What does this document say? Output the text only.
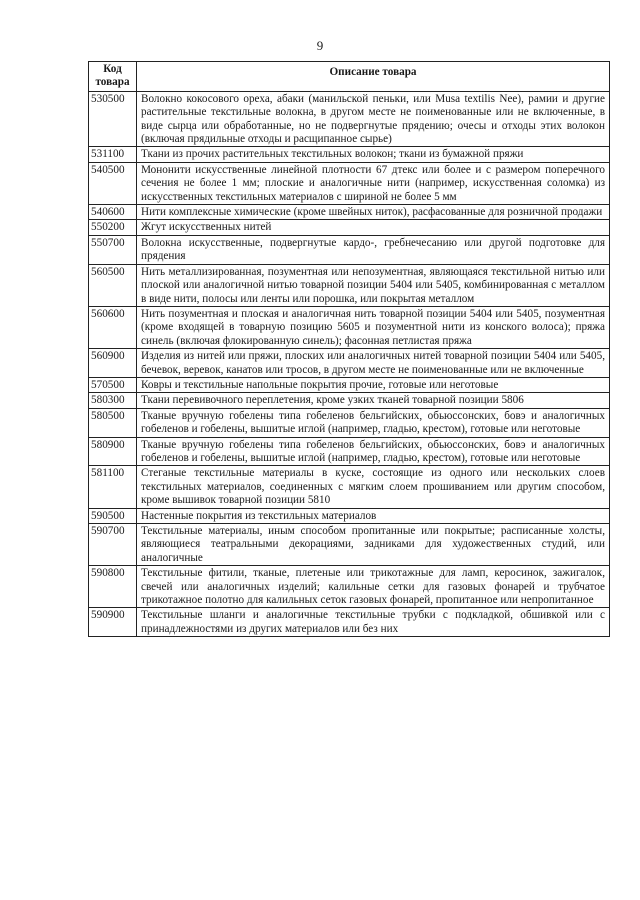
9
Код товара	Описание товара
530500	Волокно кокосового ореха, абаки (манильской пеньки, или Musa textilis Nee), рамии и другие растительные текстильные волокна, в другом месте не поименованные или не включенные, в виде сырца или обработанные, но не подвергнутые прядению; очесы и отходы этих волокон (включая прядильные отходы и расщипанное сырье)
531100	Ткани из прочих растительных текстильных волокон; ткани из бумажной пряжи
540500	Мононити искусственные линейной плотности 67 дтекс или более и с размером поперечного сечения не более 1 мм; плоские и аналогичные нити (например, искусственная соломка) из искусственных текстильных материалов с шириной не более 5 мм
540600	Нити комплексные химические (кроме швейных ниток), расфасованные для розничной продажи
550200	Жгут искусственных нитей
550700	Волокна искусственные, подвергнутые кардо-, гребнечесанию или другой подготовке для прядения
560500	Нить металлизированная, позументная или непозументная, являющаяся текстильной нитью или плоской или аналогичной нитью товарной позиции 5404 или 5405, комбинированная с металлом в виде нити, полосы или ленты или порошка, или покрытая металлом
560600	Нить позументная и плоская и аналогичная нить товарной позиции 5404 или 5405, позументная (кроме входящей в товарную позицию 5605 и позументной нити из конского волоса); пряжа синель (включая флокированную синель); фасонная петлистая пряжа
560900	Изделия из нитей или пряжи, плоских или аналогичных нитей товарной позиции 5404 или 5405, бечевок, веревок, канатов или тросов, в другом месте не поименованные или не включенные
570500	Ковры и текстильные напольные покрытия прочие, готовые или неготовые
580300	Ткани перевивочного переплетения, кроме узких тканей товарной позиции 5806
580500	Тканые вручную гобелены типа гобеленов бельгийских, обьюссонских, бовэ и аналогичных гобеленов и гобелены, вышитые иглой (например, гладью, крестом), готовые или неготовые
580900	Тканые вручную гобелены типа гобеленов бельгийских, обьюссонских, бовэ и аналогичных гобеленов и гобелены, вышитые иглой (например, гладью, крестом), готовые или неготовые
581100	Стеганые текстильные материалы в куске, состоящие из одного или нескольких слоев текстильных материалов, соединенных с мягким слоем прошиванием или другим способом, кроме вышивок товарной позиции 5810
590500	Настенные покрытия из текстильных материалов
590700	Текстильные материалы, иным способом пропитанные или покрытые; расписанные холсты, являющиеся театральными декорациями, задниками для художественных студий, или аналогичные
590800	Текстильные фитили, тканые, плетеные или трикотажные для ламп, керосинок, зажигалок, свечей или аналогичных изделий; калильные сетки для газовых фонарей и трубчатое трикотажное полотно для калильных сеток газовых фонарей, пропитанное или непропитанное
590900	Текстильные шланги и аналогичные текстильные трубки с подкладкой, обшивкой или с принадлежностями из других материалов или без них
